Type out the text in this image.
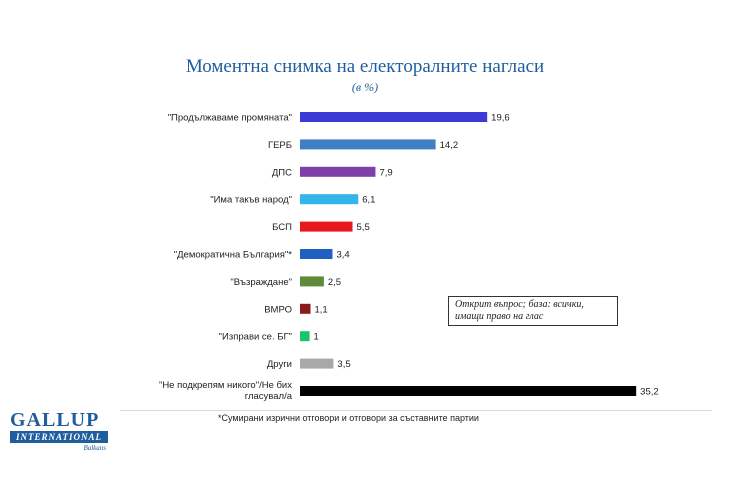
Моментна снимка на електоралните нагласи
(в %)
"Продължаваме промяната"	19,6
ГЕРБ	14,2
ДПС	7,9
"Има такъв народ"	6,1
БСП	5,5
"Демократична България"*	3,4
"Възраждане"	2,5
ВМРО 1,1
"Изправи се. БГ" 1
Други	3,5
"Не подкрепям никого"/Не бих гласувал/а	35,2
Открит въпрос; база: всички, имащи право на глас
*Сумирани изрични отговори и отговори за съставните партии
GALLUP
INTERNATIONAL
Balkans
